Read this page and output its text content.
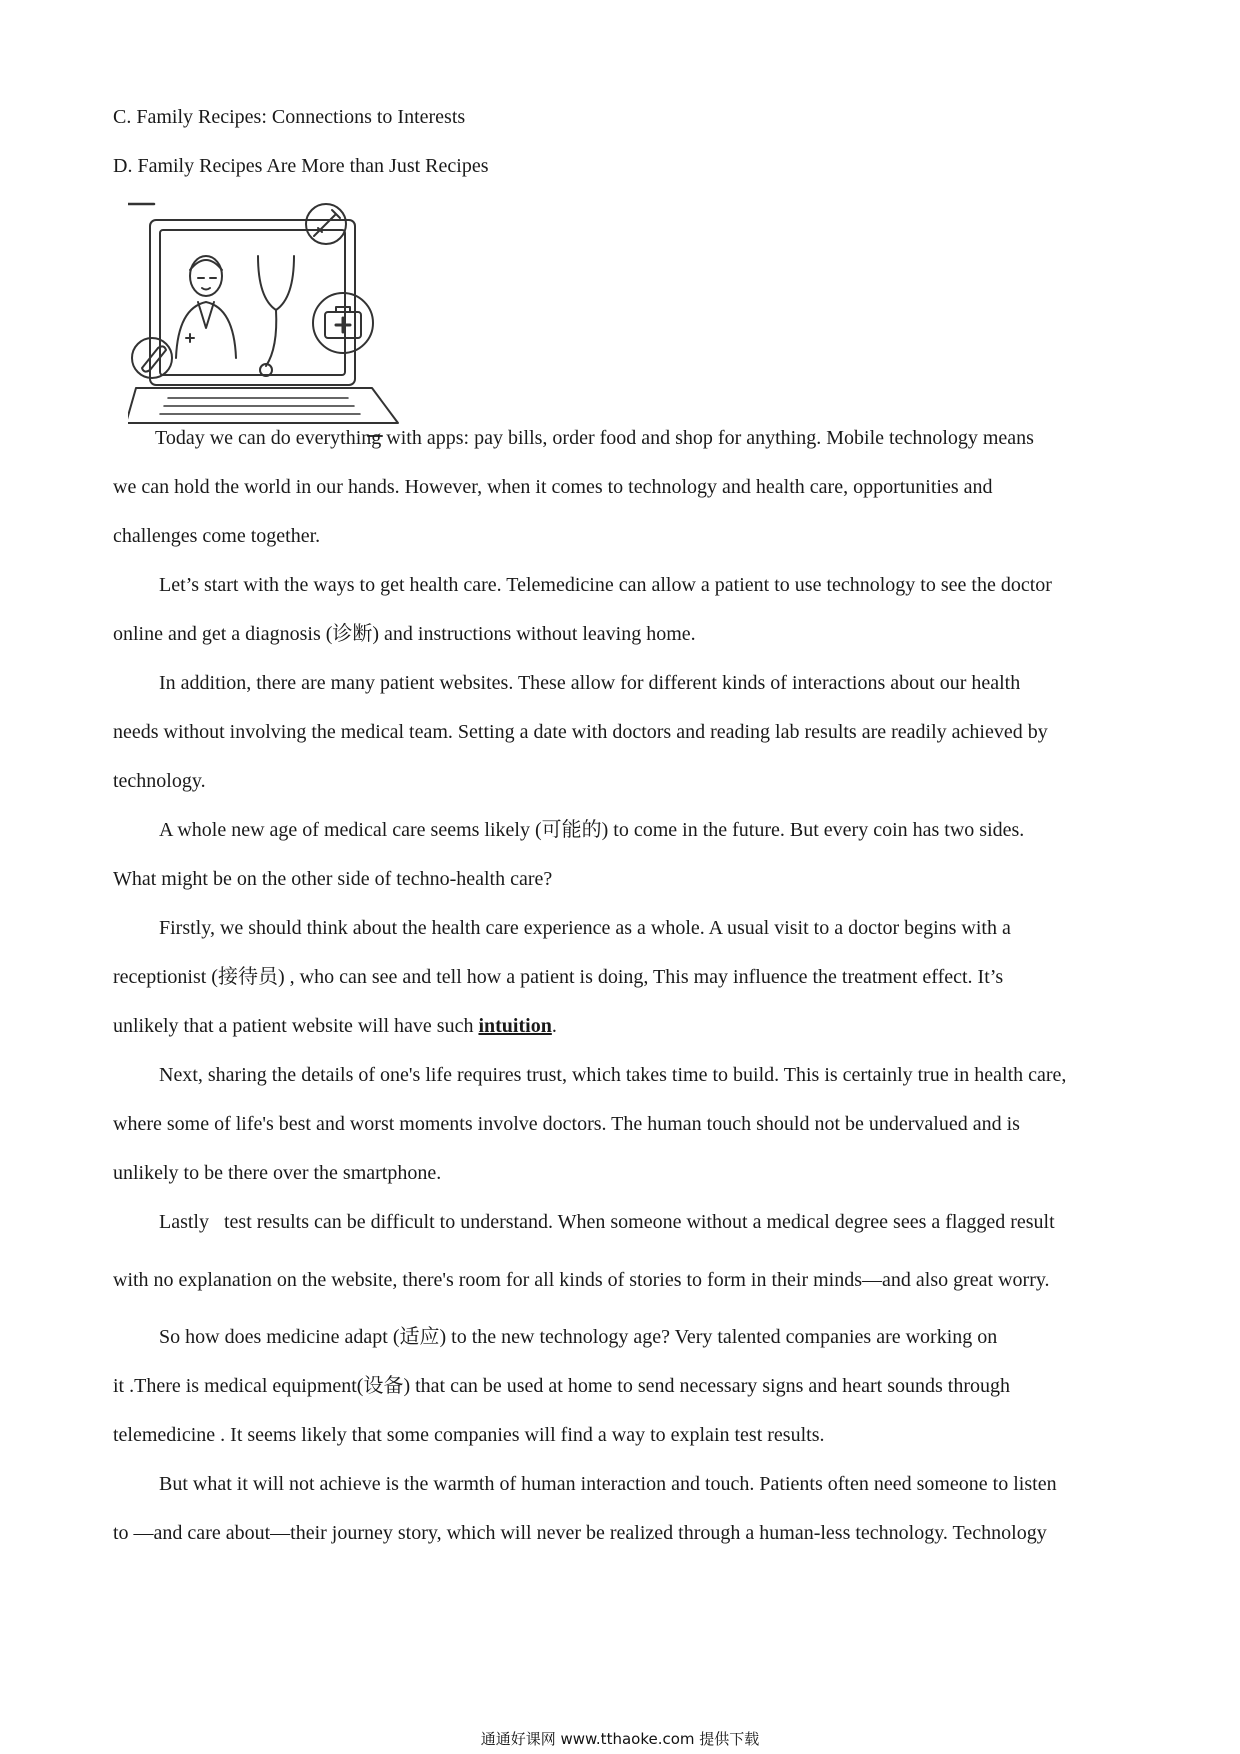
C. Family Recipes: Connections to Interests
D. Family Recipes Are More than Just Recipes
Today we can do everything with apps: pay bills, order food and shop for anything. Mobile technology means
we can hold the world in our hands. However, when it comes to technology and health care, opportunities and
challenges come together.
Let’s start with the ways to get health care. Telemedicine can allow a patient to use technology to see the doctor
online and get a diagnosis (诊断) and instructions without leaving home.
In addition, there are many patient websites. These allow for different kinds of interactions about our health
needs without involving the medical team. Setting a date with doctors and reading lab results are readily achieved by
technology.
A whole new age of medical care seems likely (可能的) to come in the future. But every coin has two sides.
What might be on the other side of techno-health care?
Firstly, we should think about the health care experience as a whole. A usual visit to a doctor begins with a
receptionist (接待员) , who can see and tell how a patient is doing, This may influence the treatment effect. It’s
unlikely that a patient website will have such intuition.
Next, sharing the details of one's life requires trust, which takes time to build. This is certainly true in health care,
where some of life's best and worst moments involve doctors. The human touch should not be undervalued and is
unlikely to be there over the smartphone.
Lastly   test results can be difficult to understand. When someone without a medical degree sees a flagged result
with no explanation on the website, there's room for all kinds of stories to form in their minds—and also great worry.
So how does medicine adapt (适应) to the new technology age? Very talented companies are working on
it .There is medical equipment(设备) that can be used at home to send necessary signs and heart sounds through
telemedicine . It seems likely that some companies will find a way to explain test results.
But what it will not achieve is the warmth of human interaction and touch. Patients often need someone to listen
to —and care about—their journey story, which will never be realized through a human-less technology. Technology
通通好课网 www.tthaoke.com 提供下载
